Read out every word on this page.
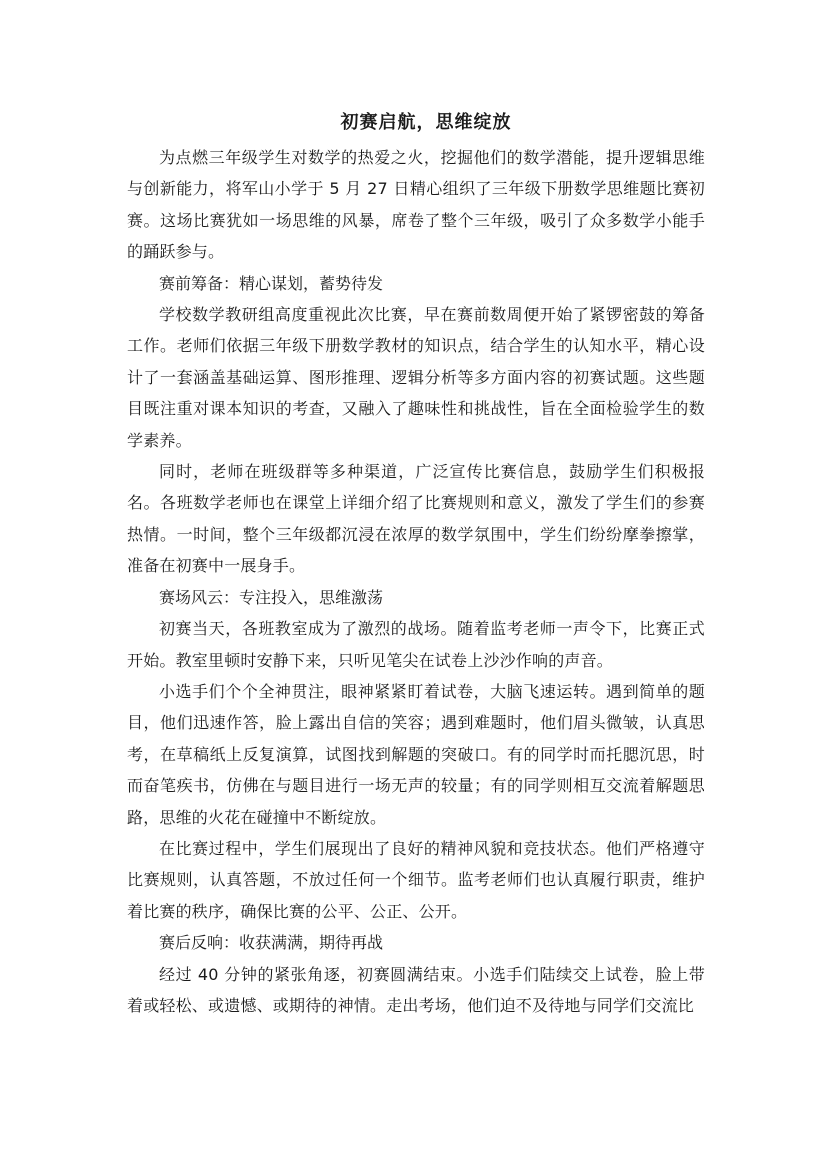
初赛启航，思维绽放

为点燃三年级学生对数学的热爱之火，挖掘他们的数学潜能，提升逻辑思维与创新能力，将军山小学于 5 月 27 日精心组织了三年级下册数学思维题比赛初赛。这场比赛犹如一场思维的风暴，席卷了整个三年级，吸引了众多数学小能手的踊跃参与。

赛前筹备：精心谋划，蓄势待发

学校数学教研组高度重视此次比赛，早在赛前数周便开始了紧锣密鼓的筹备工作。老师们依据三年级下册数学教材的知识点，结合学生的认知水平，精心设计了一套涵盖基础运算、图形推理、逻辑分析等多方面内容的初赛试题。这些题目既注重对课本知识的考查，又融入了趣味性和挑战性，旨在全面检验学生的数学素养。

同时，老师在班级群等多种渠道，广泛宣传比赛信息，鼓励学生们积极报名。各班数学老师也在课堂上详细介绍了比赛规则和意义，激发了学生们的参赛热情。一时间，整个三年级都沉浸在浓厚的数学氛围中，学生们纷纷摩拳擦掌，准备在初赛中一展身手。

赛场风云：专注投入，思维激荡

初赛当天，各班教室成为了激烈的战场。随着监考老师一声令下，比赛正式开始。教室里顿时安静下来，只听见笔尖在试卷上沙沙作响的声音。

小选手们个个全神贯注，眼神紧紧盯着试卷，大脑飞速运转。遇到简单的题目，他们迅速作答，脸上露出自信的笑容；遇到难题时，他们眉头微皱，认真思考，在草稿纸上反复演算，试图找到解题的突破口。有的同学时而托腮沉思，时而奋笔疾书，仿佛在与题目进行一场无声的较量；有的同学则相互交流着解题思路，思维的火花在碰撞中不断绽放。

在比赛过程中，学生们展现出了良好的精神风貌和竞技状态。他们严格遵守比赛规则，认真答题，不放过任何一个细节。监考老师们也认真履行职责，维护着比赛的秩序，确保比赛的公平、公正、公开。

赛后反响：收获满满，期待再战

经过 40 分钟的紧张角逐，初赛圆满结束。小选手们陆续交上试卷，脸上带着或轻松、或遗憾、或期待的神情。走出考场，他们迫不及待地与同学们交流比
